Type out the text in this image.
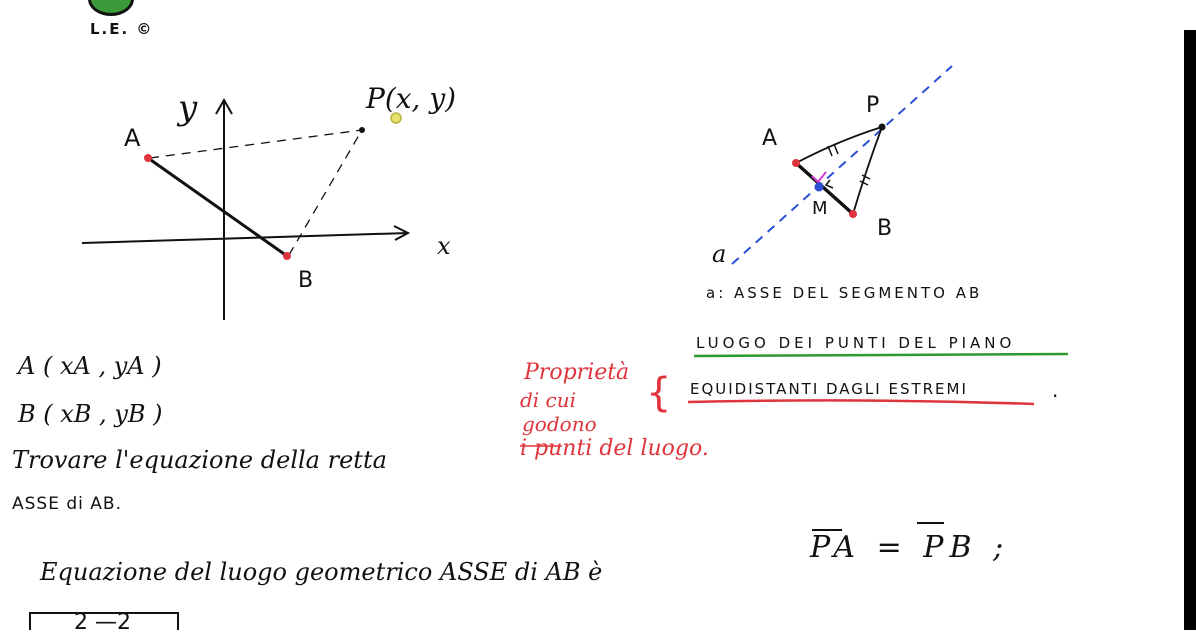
L.E. ©
y
x
A
B
P(x, y)
A
B
P
M
a
a: ASSE DEL SEGMENTO AB
LUOGO DEI PUNTI DEL PIANO
EQUIDISTANTI DAGLI ESTREMI	.
Proprietà
di cui
godono
i punti del luogo.
{
A ( xA , yA )
B ( xB , yB )
Trovare l'equazione della retta
ASSE di AB.
Equazione del luogo geometrico ASSE di AB è
PA = PB ;
2 —2
